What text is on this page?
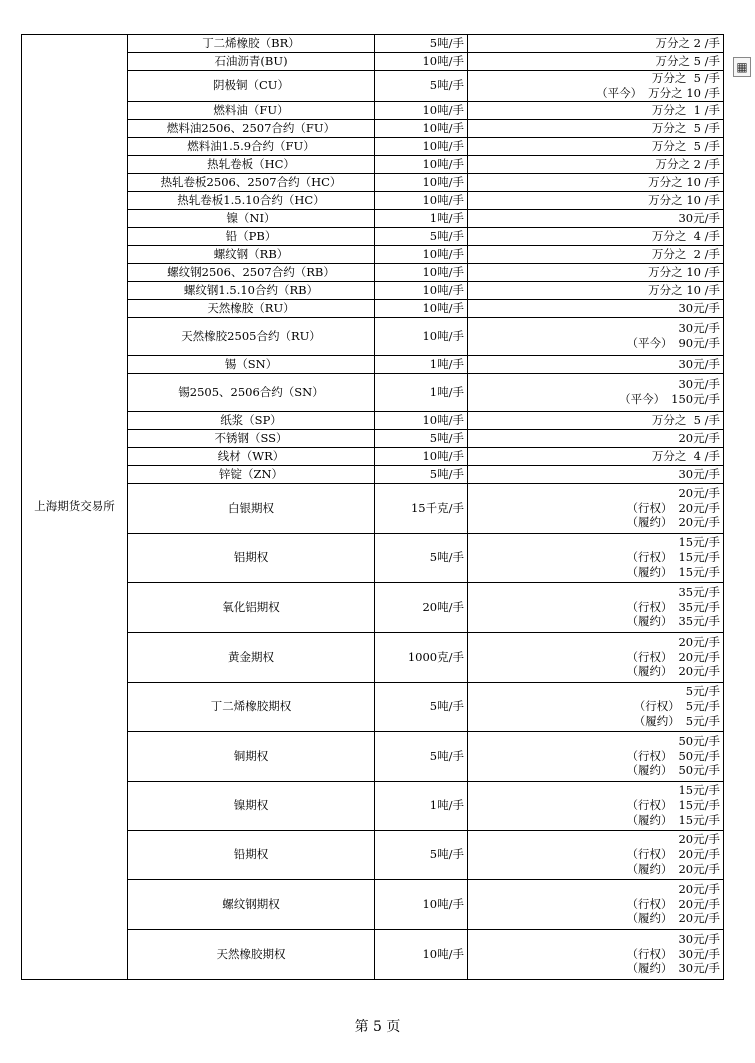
上海期货交易所	丁二烯橡胶（BR）	5吨/手	万分之 2 /手

	石油沥青(BU)	10吨/手	万分之 5 /手

	阴极铜（CU）	5吨/手	万分之  5 /手
（平今） 万分之 10 /手

	燃料油（FU）	10吨/手	万分之  1 /手

	燃料油2506、2507合约（FU）	10吨/手	万分之  5 /手

	燃料油1.5.9合约（FU）	10吨/手	万分之  5 /手

	热轧卷板（HC）	10吨/手	万分之 2 /手

	热轧卷板2506、2507合约（HC）	10吨/手	万分之 10 /手

	热轧卷板1.5.10合约（HC）	10吨/手	万分之 10 /手

	镍（NI）	1吨/手	30元/手

	铅（PB）	5吨/手	万分之  4 /手

	螺纹钢（RB）	10吨/手	万分之  2 /手

	螺纹钢2506、2507合约（RB）	10吨/手	万分之 10 /手

	螺纹钢1.5.10合约（RB）	10吨/手	万分之 10 /手

	天然橡胶（RU）	10吨/手	30元/手

	天然橡胶2505合约（RU）	10吨/手	30元/手
（平今） 90元/手

	锡（SN）	1吨/手	30元/手

	锡2505、2506合约（SN）	1吨/手	30元/手
（平今） 150元/手

	纸浆（SP）	10吨/手	万分之  5 /手

	不锈钢（SS）	5吨/手	20元/手

	线材（WR）	10吨/手	万分之  4 /手

	锌锭（ZN）	5吨/手	30元/手

	白银期权	15千克/手	20元/手
（行权） 20元/手
（履约） 20元/手

	铝期权	5吨/手	15元/手
（行权） 15元/手
（履约） 15元/手

	氧化铝期权	20吨/手	35元/手
（行权） 35元/手
（履约） 35元/手

	黄金期权	1000克/手	20元/手
（行权） 20元/手
（履约） 20元/手

	丁二烯橡胶期权	5吨/手	5元/手
（行权） 5元/手
（履约） 5元/手

	铜期权	5吨/手	50元/手
（行权） 50元/手
（履约） 50元/手

	镍期权	1吨/手	15元/手
（行权） 15元/手
（履约） 15元/手

	铅期权	5吨/手	20元/手
（行权） 20元/手
（履约） 20元/手

	螺纹钢期权	10吨/手	20元/手
（行权） 20元/手
（履约） 20元/手

	天然橡胶期权	10吨/手	30元/手
（行权） 30元/手
（履约） 30元/手
▦
第 5 页
